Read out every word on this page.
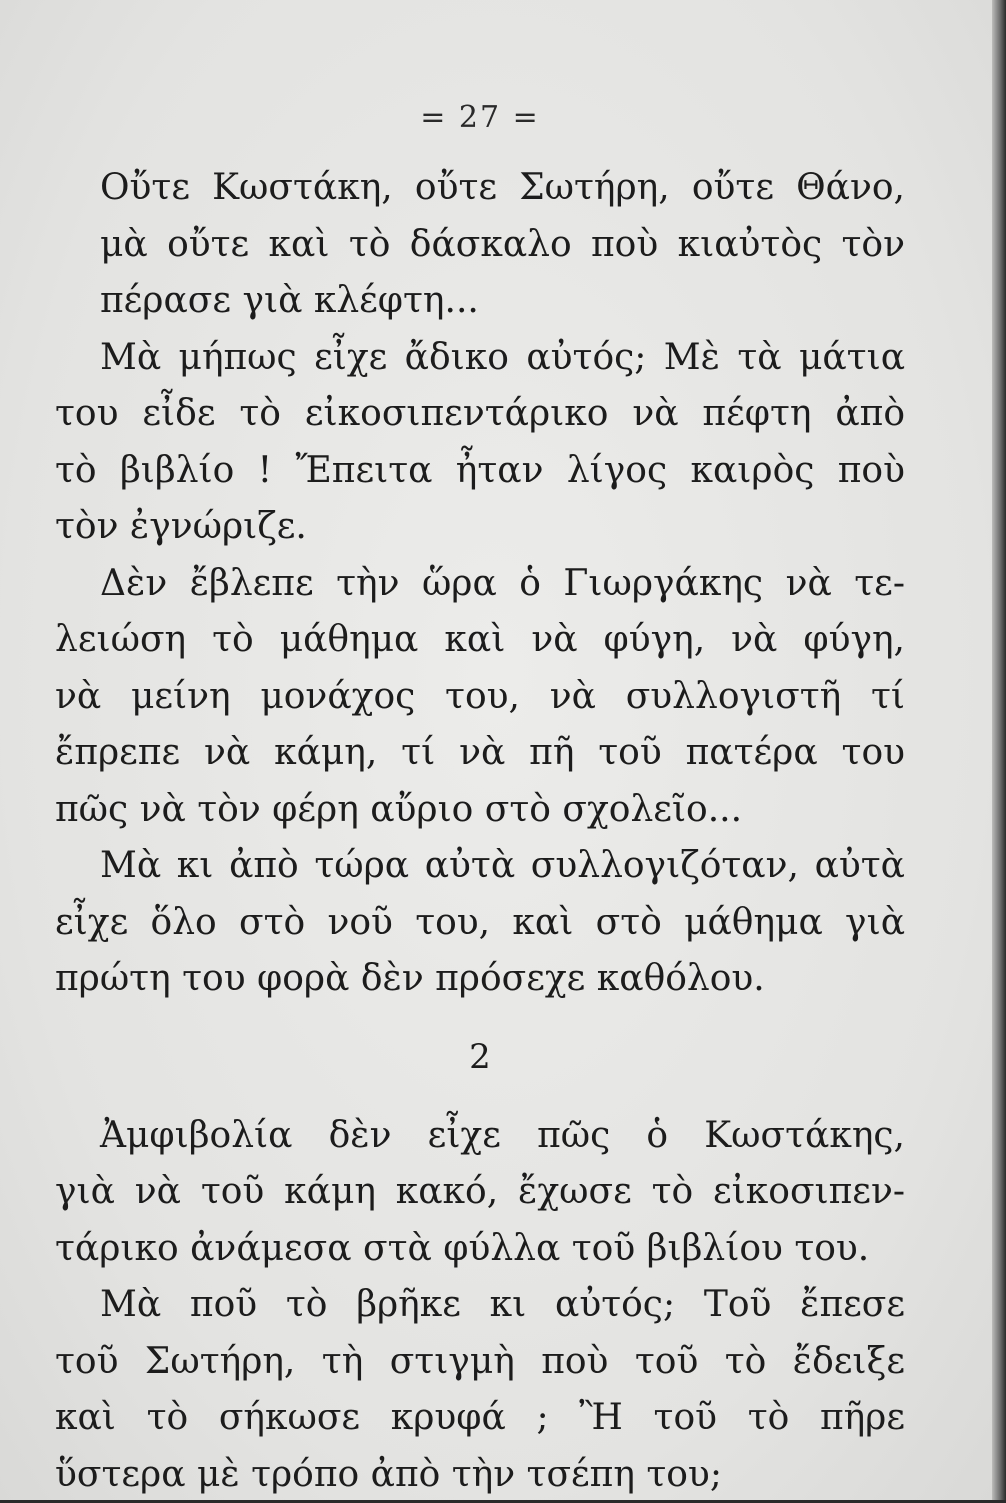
= 27 =

Οὔτε Κωστάκη, οὔτε Σωτήρη, οὔτε Θάνο,
μὰ οὔτε καὶ τὸ δάσκαλο ποὺ κιαὐτὸς τὸν
πέρασε γιὰ κλέφτη...

Μὰ μήπως εἶχε ἄδικο αὐτός; Μὲ τὰ μάτια
του εἶδε τὸ εἰκοσιπεντάρικο νὰ πέφτη ἀπὸ
τὸ βιβλίο ! Ἔπειτα ἦταν λίγος καιρὸς ποὺ
τὸν ἐγνώριζε.

Δὲν ἔβλεπε τὴν ὥρα ὁ Γιωργάκης νὰ τε-
λειώση τὸ μάθημα καὶ νὰ φύγη, νὰ φύγη,
νὰ μείνη μονάχος του, νὰ συλλογιστῆ τί
ἔπρεπε νὰ κάμη, τί νὰ πῆ τοῦ πατέρα του
πῶς νὰ τὸν φέρη αὔριο στὸ σχολεῖο...

Μὰ κι ἀπὸ τώρα αὐτὰ συλλογιζόταν, αὐτὰ
εἶχε ὅλο στὸ νοῦ του, καὶ στὸ μάθημα γιὰ
πρώτη του φορὰ δὲν πρόσεχε καθόλου.

2

Ἀμφιβολία δὲν εἶχε πῶς ὁ Κωστάκης,
γιὰ νὰ τοῦ κάμη κακό, ἔχωσε τὸ εἰκοσιπεν-
τάρικο ἀνάμεσα στὰ φύλλα τοῦ βιβλίου του.

Μὰ ποῦ τὸ βρῆκε κι αὐτός; Τοῦ ἔπεσε
τοῦ Σωτήρη, τὴ στιγμὴ ποὺ τοῦ τὸ ἔδειξε
καὶ τὸ σήκωσε κρυφά ; Ἢ τοῦ τὸ πῆρε
ὕστερα μὲ τρόπο ἀπὸ τὴν τσέπη του;
